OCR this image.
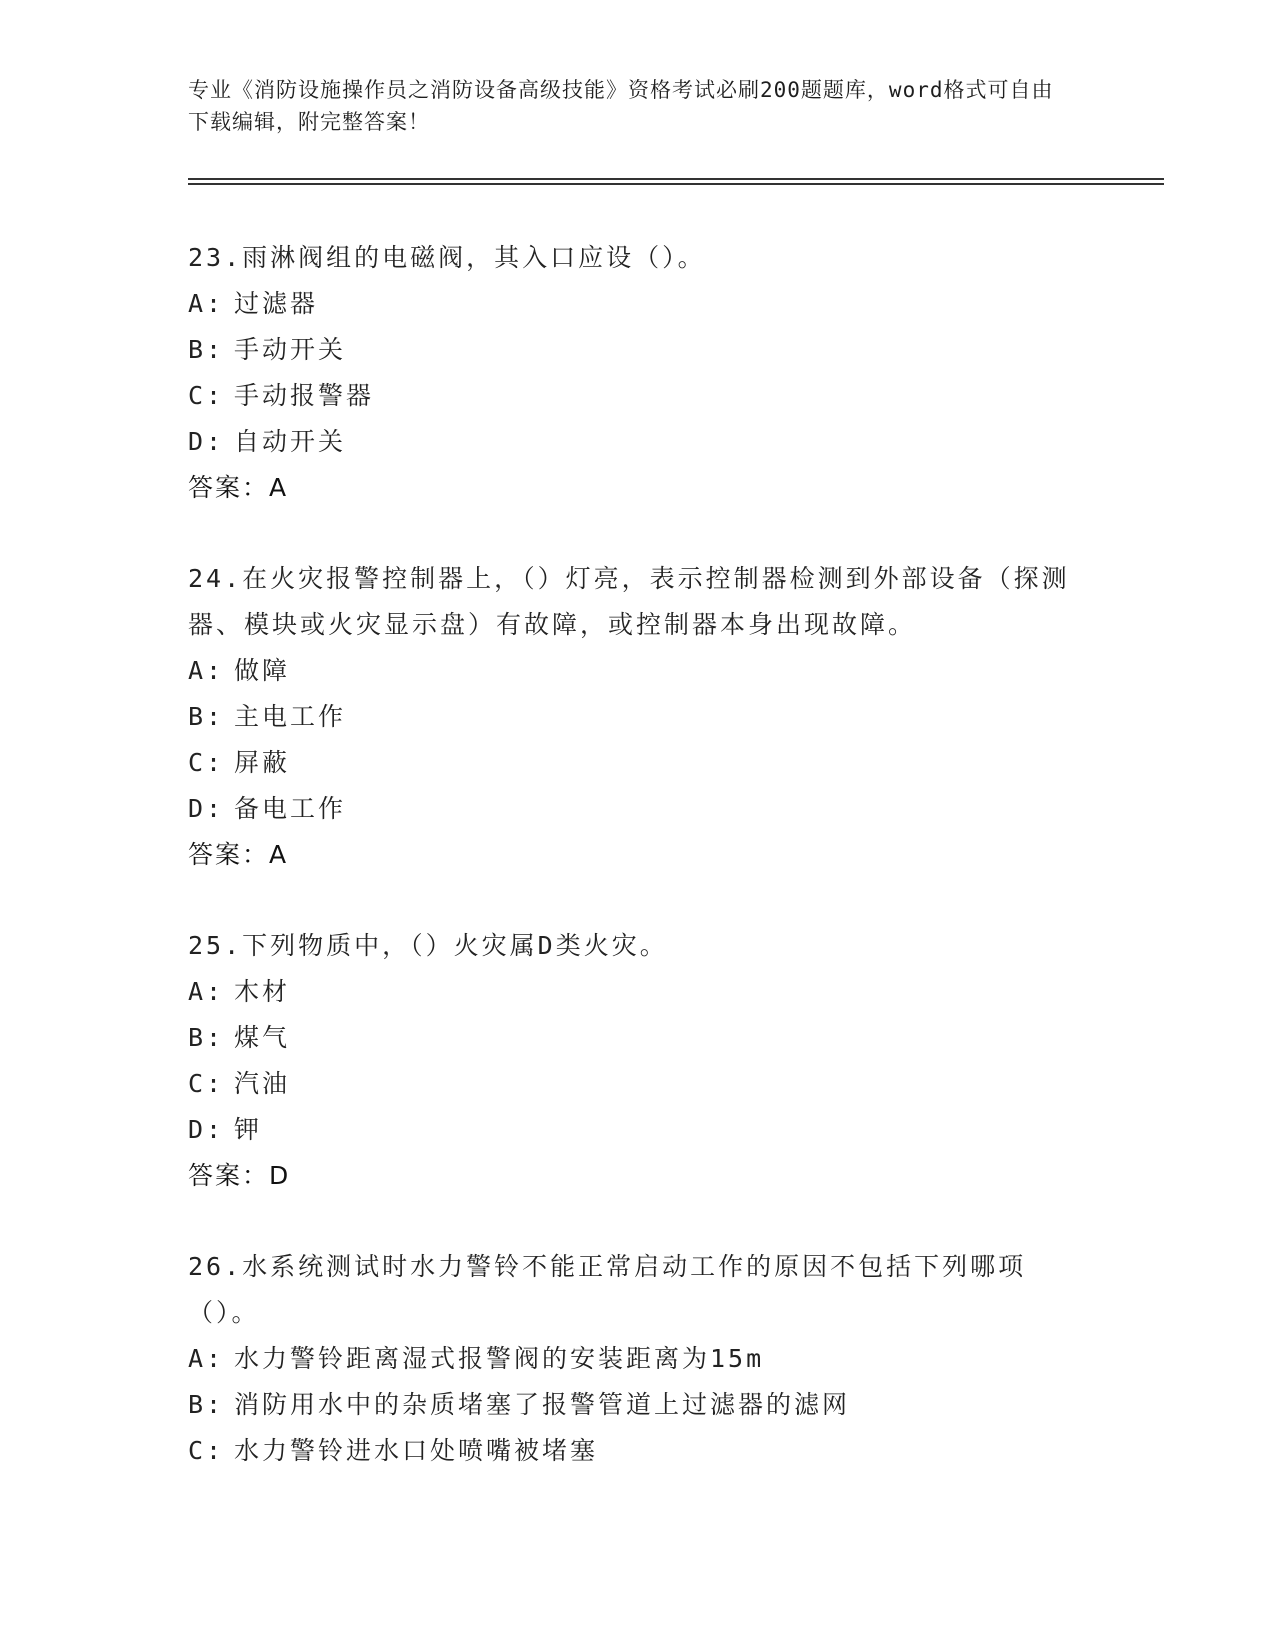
专业《消防设施操作员之消防设备高级技能》资格考试必刷200题题库，word格式可自由下载编辑，附完整答案！
23.雨淋阀组的电磁阀，其入口应设（）。
A: 过滤器
B: 手动开关
C: 手动报警器
D: 自动开关
答案：A
24.在火灾报警控制器上，（）灯亮，表示控制器检测到外部设备（探测器、模块或火灾显示盘）有故障，或控制器本身出现故障。
A: 做障
B: 主电工作
C: 屏蔽
D: 备电工作
答案：A
25.下列物质中，（）火灾属D类火灾。
A: 木材
B: 煤气
C: 汽油
D: 钾
答案：D
26.水系统测试时水力警铃不能正常启动工作的原因不包括下列哪项（）。
A: 水力警铃距离湿式报警阀的安装距离为15m
B: 消防用水中的杂质堵塞了报警管道上过滤器的滤网
C: 水力警铃进水口处喷嘴被堵塞
